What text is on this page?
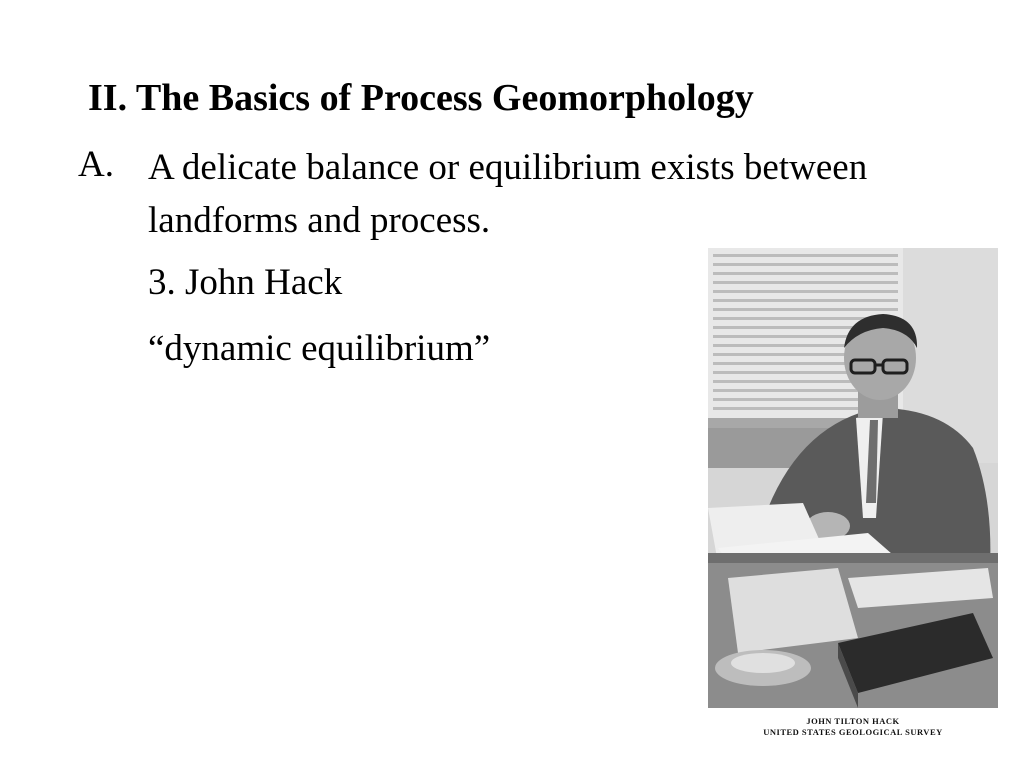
II. The Basics of Process Geomorphology
A. A delicate balance or equilibrium exists between landforms and process.
3. John Hack
“dynamic equilibrium”
JOHN TILTON HACK
UNITED STATES GEOLOGICAL SURVEY
